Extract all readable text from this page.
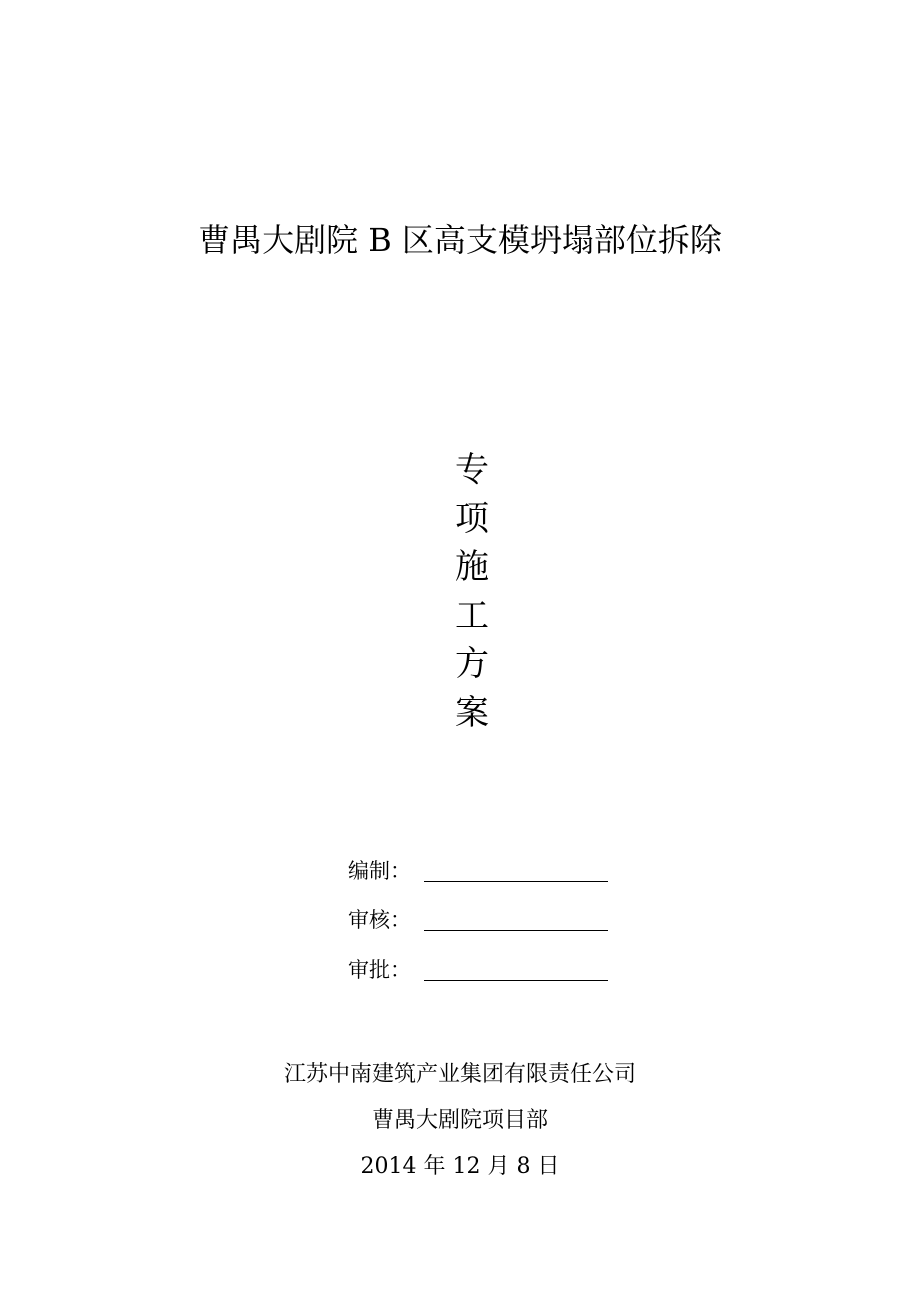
曹禺大剧院 B 区高支模坍塌部位拆除
专
项
施
工
方
案
编制：
审核：
审批：
江苏中南建筑产业集团有限责任公司
曹禺大剧院项目部
2014 年 12 月 8 日
